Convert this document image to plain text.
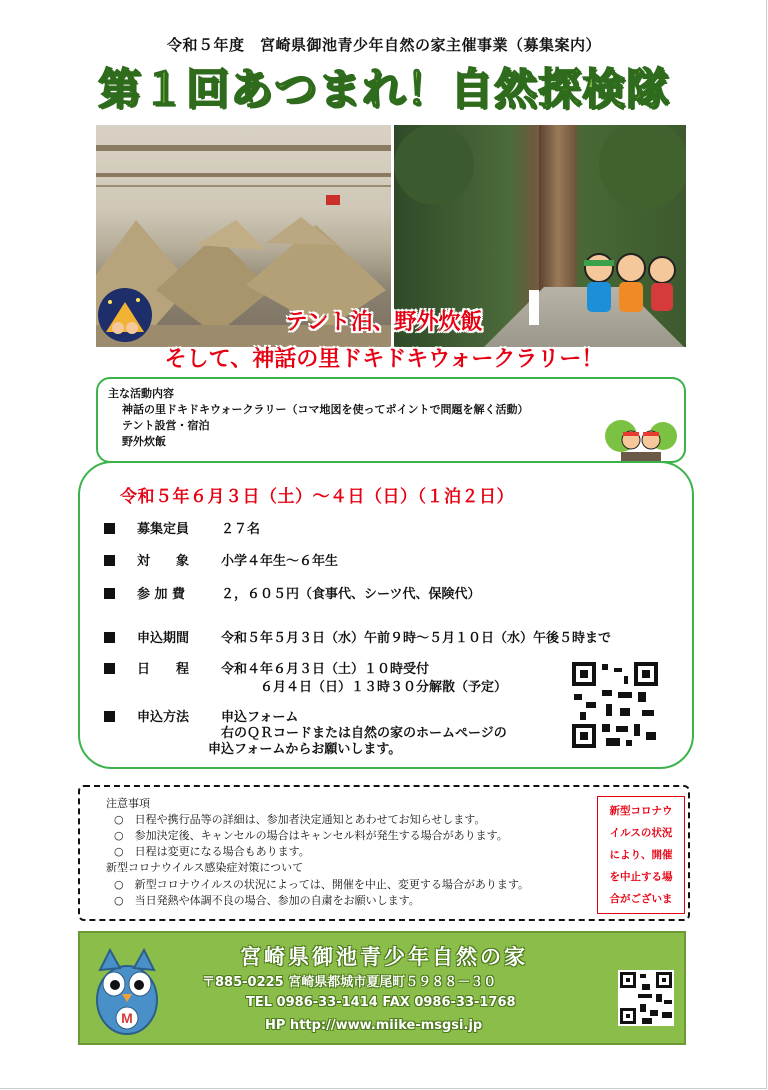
令和５年度　宮崎県御池青少年自然の家主催事業（募集案内）
第１回あつまれ！自然探検隊
テント泊、野外炊飯
そして、神話の里ドキドキウォークラリー！
主な活動内容
神話の里ドキドキウォークラリー（コマ地図を使ってポイントで問題を解く活動）
テント設営・宿泊
野外炊飯
令和５年６月３日（土）～４日（日）（１泊２日）
募集定員 ２７名
対　　象 小学４年生～６年生
参 加 費	２，６０５円（食事代、シーツ代、保険代）
申込期間 令和５年５月３日（水）午前９時～５月１０日（水）午後５時まで
日　　程 令和４年６月３日（土）１０時受付
　　　６月４日（日）１３時３０分解散（予定）
申込方法 申込フォーム
右のＱＲコードまたは自然の家のホームページの
申込フォームからお願いします。
注意事項
○　日程や携行品等の詳細は、参加者決定通知とあわせてお知らせします。
○　参加決定後、キャンセルの場合はキャンセル料が発生する場合があります。
○　日程は変更になる場合もあります。
新型コロナウイルス感染症対策について
○　新型コロナウイルスの状況によっては、開催を中止、変更する場合があります。
○　当日発熱や体調不良の場合、参加の自粛をお願いします。
新型コロナウ
イルスの状況
により、開催
を中止する場
合がございま
宮崎県御池青少年自然の家
〒885-0225 宮崎県都城市夏尾町５９８８－３０
TEL 0986-33-1414 FAX 0986-33-1768
HP http://www.miike-msgsi.jp
M
